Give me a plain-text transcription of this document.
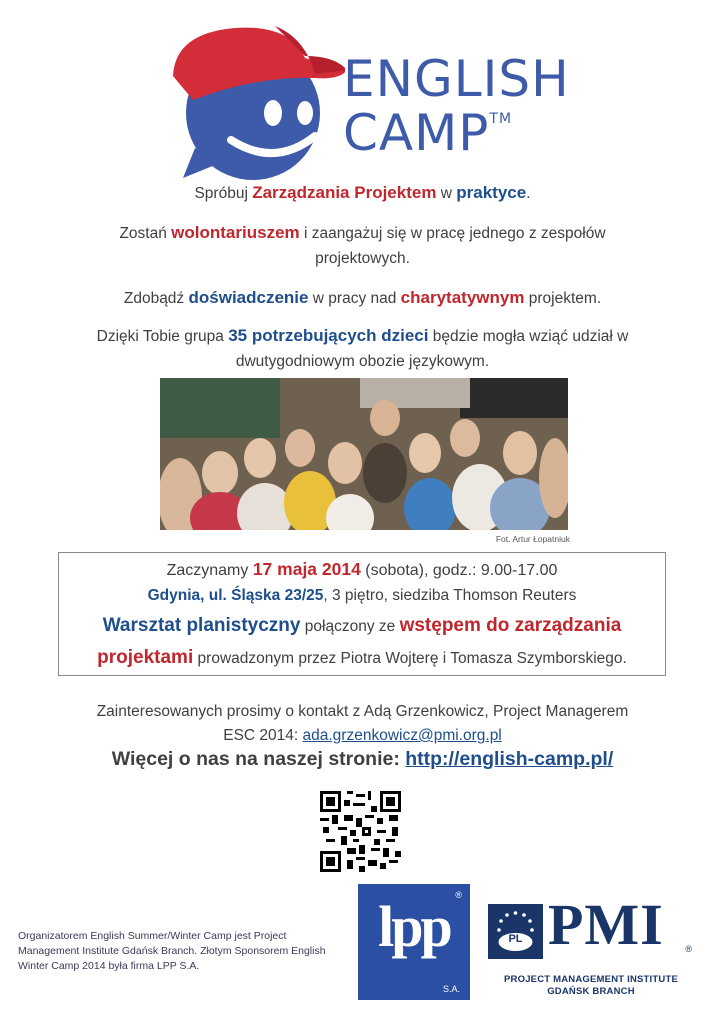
ENGLISH
CAMP™
Spróbuj Zarządzania Projektem w praktyce.
Zostań wolontariuszem i zaangażuj się w pracę jednego z zespołów
projektowych.
Zdobądź doświadczenie w pracy nad charytatywnym projektem.
Dzięki Tobie grupa 35 potrzebujących dzieci będzie mogła wziąć udział w
dwutygodniowym obozie językowym.
Fot. Artur Łopatniuk
Zaczynamy 17 maja 2014 (sobota), godz.: 9.00-17.00
Gdynia, ul. Śląska 23/25, 3 piętro, siedziba Thomson Reuters
Warsztat planistyczny połączony ze wstępem do zarządzania
projektami prowadzonym przez Piotra Wojterę i Tomasza Szymborskiego.
Zainteresowanych prosimy o kontakt z Adą Grzenkowicz, Project Managerem
ESC 2014: ada.grzenkowicz@pmi.org.pl
Więcej o nas na naszej stronie: http://english-camp.pl/
Organizatorem English Summer/Winter Camp jest Project Management Institute Gdańsk Branch. Złotym Sponsorem English Winter Camp 2014 była firma LPP S.A.
lpp ®
S.A.
PL PMI ®
PROJECT MANAGEMENT INSTITUTE
GDAŃSK BRANCH
